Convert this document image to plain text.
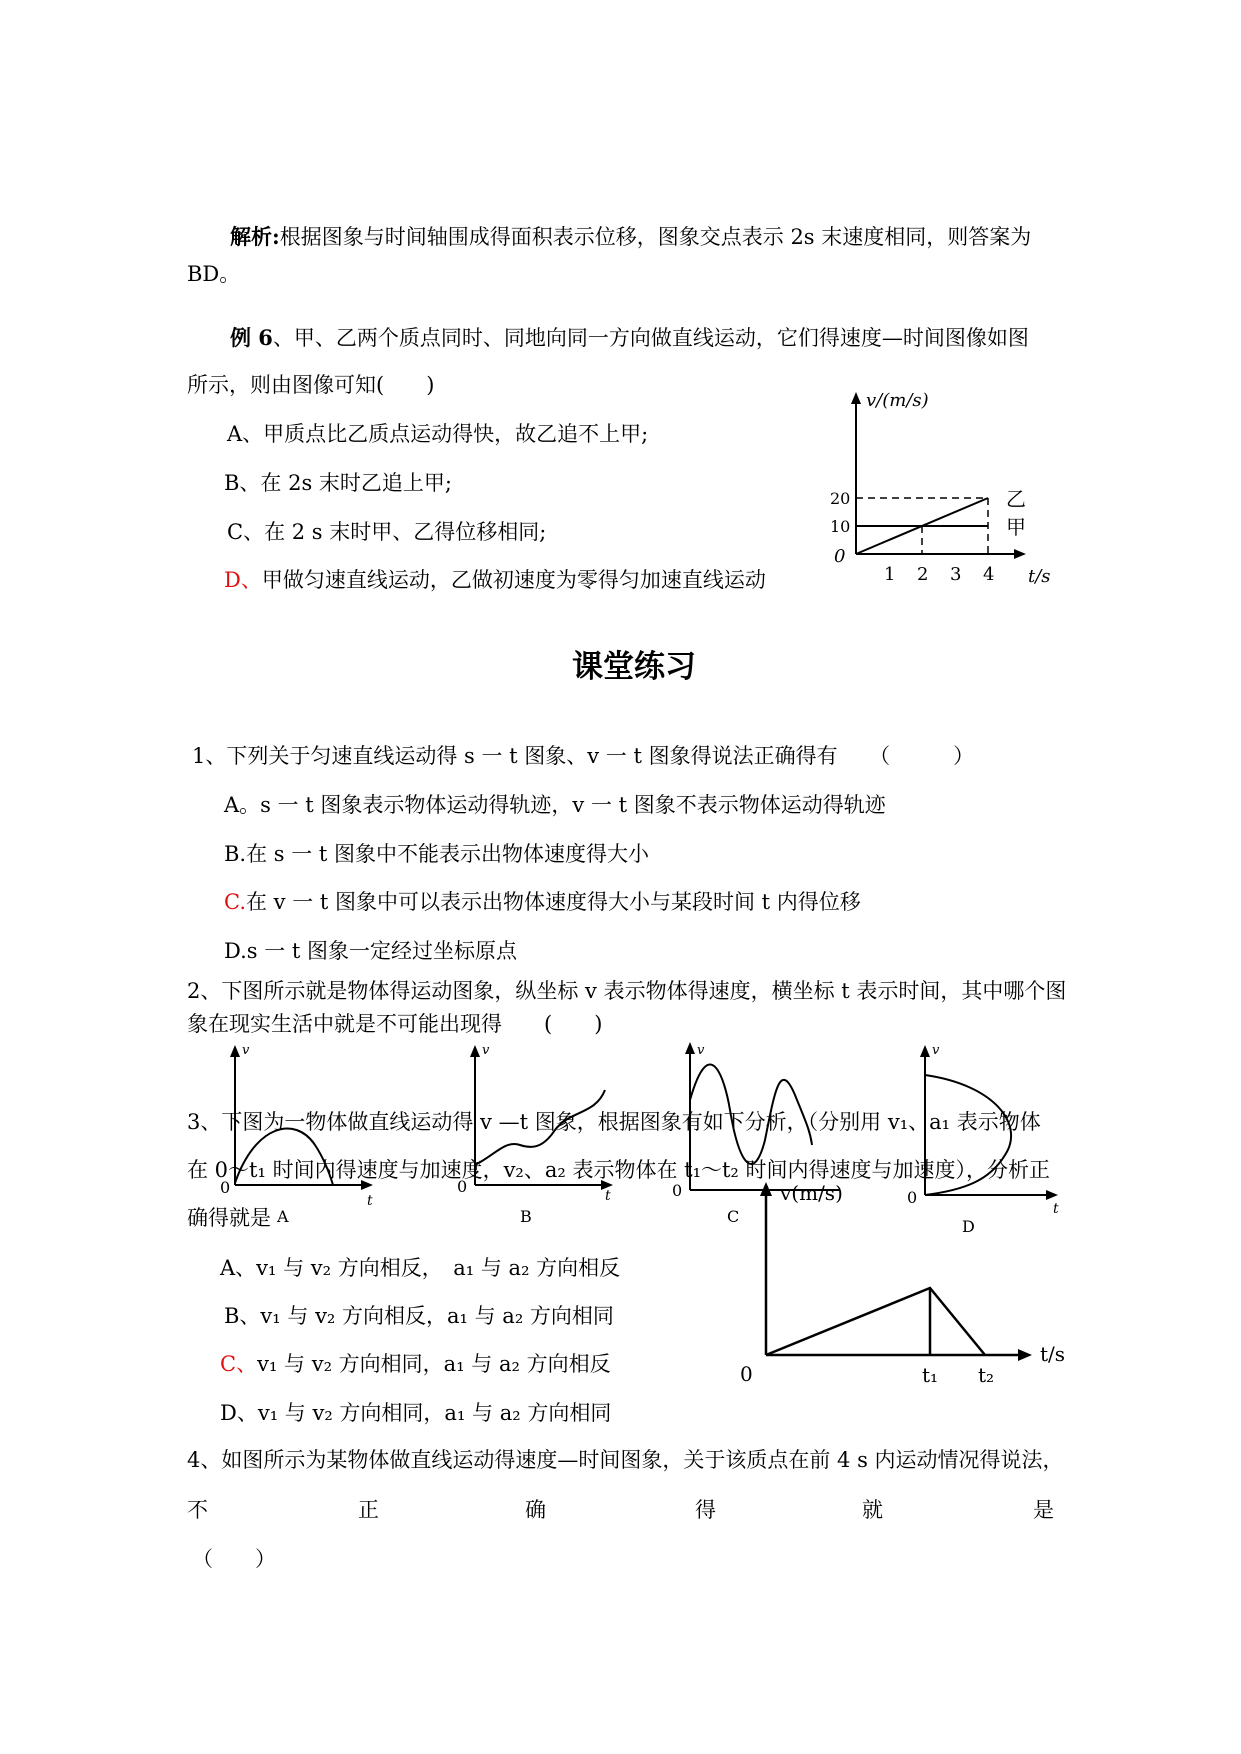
解析:根据图象与时间轴围成得面积表示位移，图象交点表示 2s 末速度相同，则答案为
BD。
例 6、甲、乙两个质点同时、同地向同一方向做直线运动，它们得速度—时间图像如图
所示，则由图像可知(　　)
A、甲质点比乙质点运动得快，故乙追不上甲;
B、在 2s 末时乙追上甲;
C、在 2 s 末时甲、乙得位移相同;
D、甲做匀速直线运动，乙做初速度为零得匀加速直线运动
v/(m/s)
t/s
0
1 2 3 4
10
20
甲
乙
课堂练习
1、下列关于匀速直线运动得 s 一 t 图象、v 一 t 图象得说法正确得有　　（　　　）
A。s 一 t 图象表示物体运动得轨迹，v 一 t 图象不表示物体运动得轨迹
B.在 s 一 t 图象中不能表示出物体速度得大小
C.在 v 一 t 图象中可以表示出物体速度得大小与某段时间 t 内得位移
D.s 一 t 图象一定经过坐标原点
2、下图所示就是物体得运动图象，纵坐标 v 表示物体得速度，横坐标 t 表示时间，其中哪个图
象在现实生活中就是不可能出现得　　(　　)
v
t
0
A
v
t
0
B
v
0
C
v
t
0
D
3、下图为一物体做直线运动得 v —t 图象，根据图象有如下分析，（分别用 v₁、a₁ 表示物体
在 0～t₁ 时间内得速度与加速度，v₂、a₂ 表示物体在 t₁～t₂ 时间内得速度与加速度），分析正
确得就是
A、v₁ 与 v₂ 方向相反，　a₁ 与 a₂ 方向相反
B、v₁ 与 v₂ 方向相反，a₁ 与 a₂ 方向相同
C、v₁ 与 v₂ 方向相同，a₁ 与 a₂ 方向相反
D、v₁ 与 v₂ 方向相同，a₁ 与 a₂ 方向相同
v(m/s)
t/s
0	t₁ t₂
4、如图所示为某物体做直线运动得速度—时间图象，关于该质点在前 4 s 内运动情况得说法，
不	正	确	得	就	是
（　　）
